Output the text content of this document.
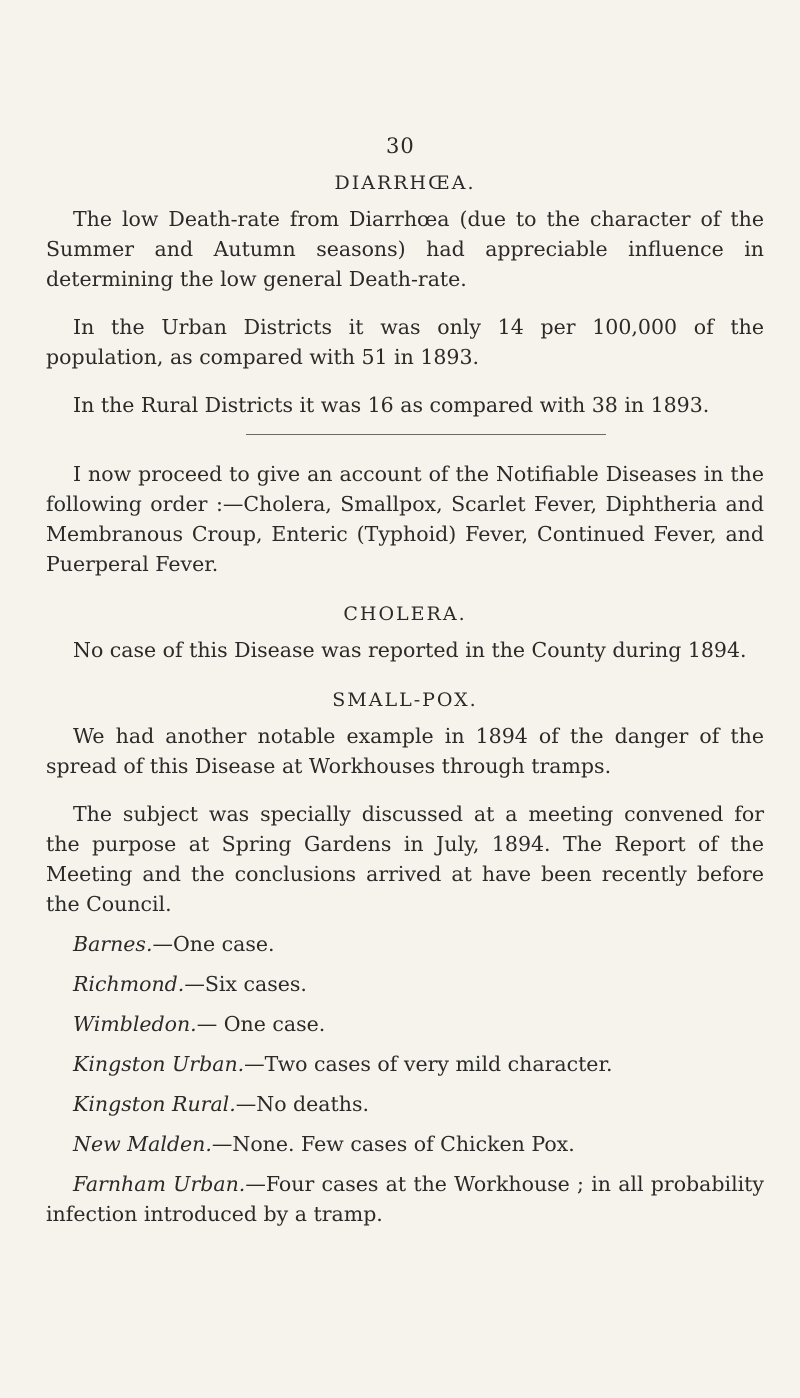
30
DIARRHŒA.

The low Death-rate from Diarrhœa (due to the character of the Summer and Autumn seasons) had appreciable influence in determining the low general Death-rate.

In the Urban Districts it was only 14 per 100,000 of the population, as compared with 51 in 1893.

In the Rural Districts it was 16 as compared with 38 in 1893.

I now proceed to give an account of the Notifiable Diseases in the following order :—Cholera, Smallpox, Scarlet Fever, Diphtheria and Membranous Croup, Enteric (Typhoid) Fever, Continued Fever, and Puerperal Fever.

CHOLERA.

No case of this Disease was reported in the County during 1894.

SMALL-POX.

We had another notable example in 1894 of the danger of the spread of this Disease at Workhouses through tramps.

The subject was specially discussed at a meeting convened for the purpose at Spring Gardens in July, 1894. The Report of the Meeting and the conclusions arrived at have been recently before the Council.

Barnes.—One case.

Richmond.—Six cases.

Wimbledon.— One case.

Kingston Urban.—Two cases of very mild character.

Kingston Rural.—No deaths.

New Malden.—None. Few cases of Chicken Pox.

Farnham Urban.—Four cases at the Workhouse ; in all probability infection introduced by a tramp.
